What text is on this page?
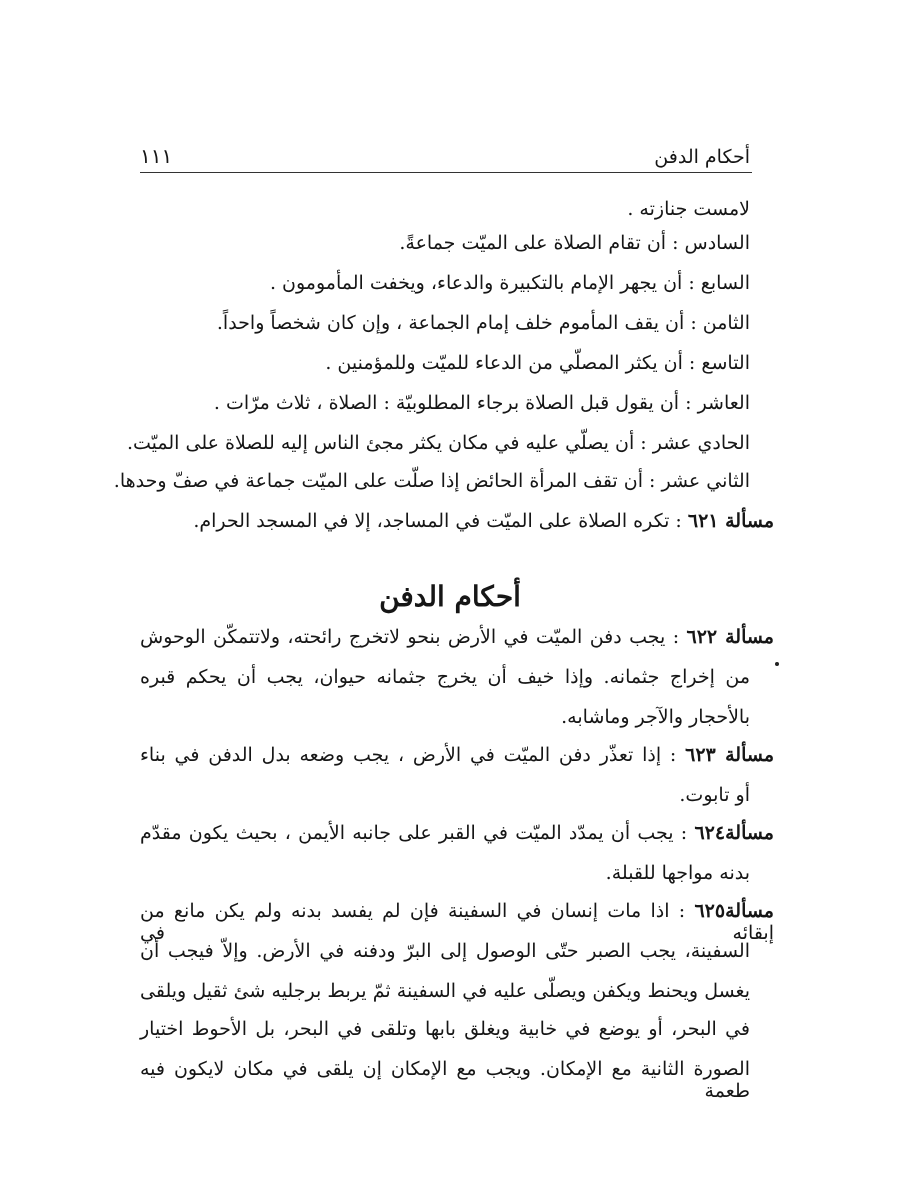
أحكام الدفن
١١١
لامست جنازته .
السادس : أن تقام الصلاة على الميّت جماعةً.
السابع : أن يجهر الإمام بالتكبيرة والدعاء، ويخفت المأمومون .
الثامن : أن يقف المأموم خلف إمام الجماعة ، وإن كان شخصاً واحداً.
التاسع : أن يكثر المصلّي من الدعاء للميّت وللمؤمنين .
العاشر : أن يقول قبل الصلاة برجاء المطلوبيّة : الصلاة ، ثلاث مرّات .
الحادي عشر : أن يصلّي عليه في مكان يكثر مجئ الناس إليه للصلاة على الميّت.
الثاني عشر : أن تقف المرأة الحائض إذا صلّت على الميّت جماعة في صفّ وحدها.
مسألة ٦٢١ : تكره الصلاة على الميّت في المساجد، إلا في المسجد الحرام.
أحكام الدفن
مسألة ٦٢٢ : يجب دفن الميّت في الأرض بنحو لاتخرج رائحته، ولاتتمكّن الوحوش
من إخراج جثمانه. وإذا خيف أن يخرج جثمانه حيوان، يجب أن يحكم قبره
بالأحجار والآجر وماشابه.
مسألة ٦٢٣ : إذا تعذّر دفن الميّت في الأرض ، يجب وضعه بدل الدفن في بناء
أو تابوت.
مسألة٦٢٤ : يجب أن يمدّد الميّت في القبر على جانبه الأيمن ، بحيث يكون مقدّم
بدنه مواجها للقبلة.
مسألة٦٢٥ : اذا مات إنسان في السفينة فإن لم يفسد بدنه ولم يكن مانع من إبقائه في
السفينة، يجب الصبر حتّى الوصول إلى البرّ ودفنه في الأرض. وإلاّ فيجب أن
يغسل ويحنط ويكفن ويصلّى عليه في السفينة ثمّ يربط برجليه شئ ثقيل ويلقى
في البحر، أو يوضع في خابية ويغلق بابها وتلقى في البحر، بل الأحوط اختيار
الصورة الثانية مع الإمكان. ويجب مع الإمكان إن يلقى في مكان لايكون فيه طعمة
